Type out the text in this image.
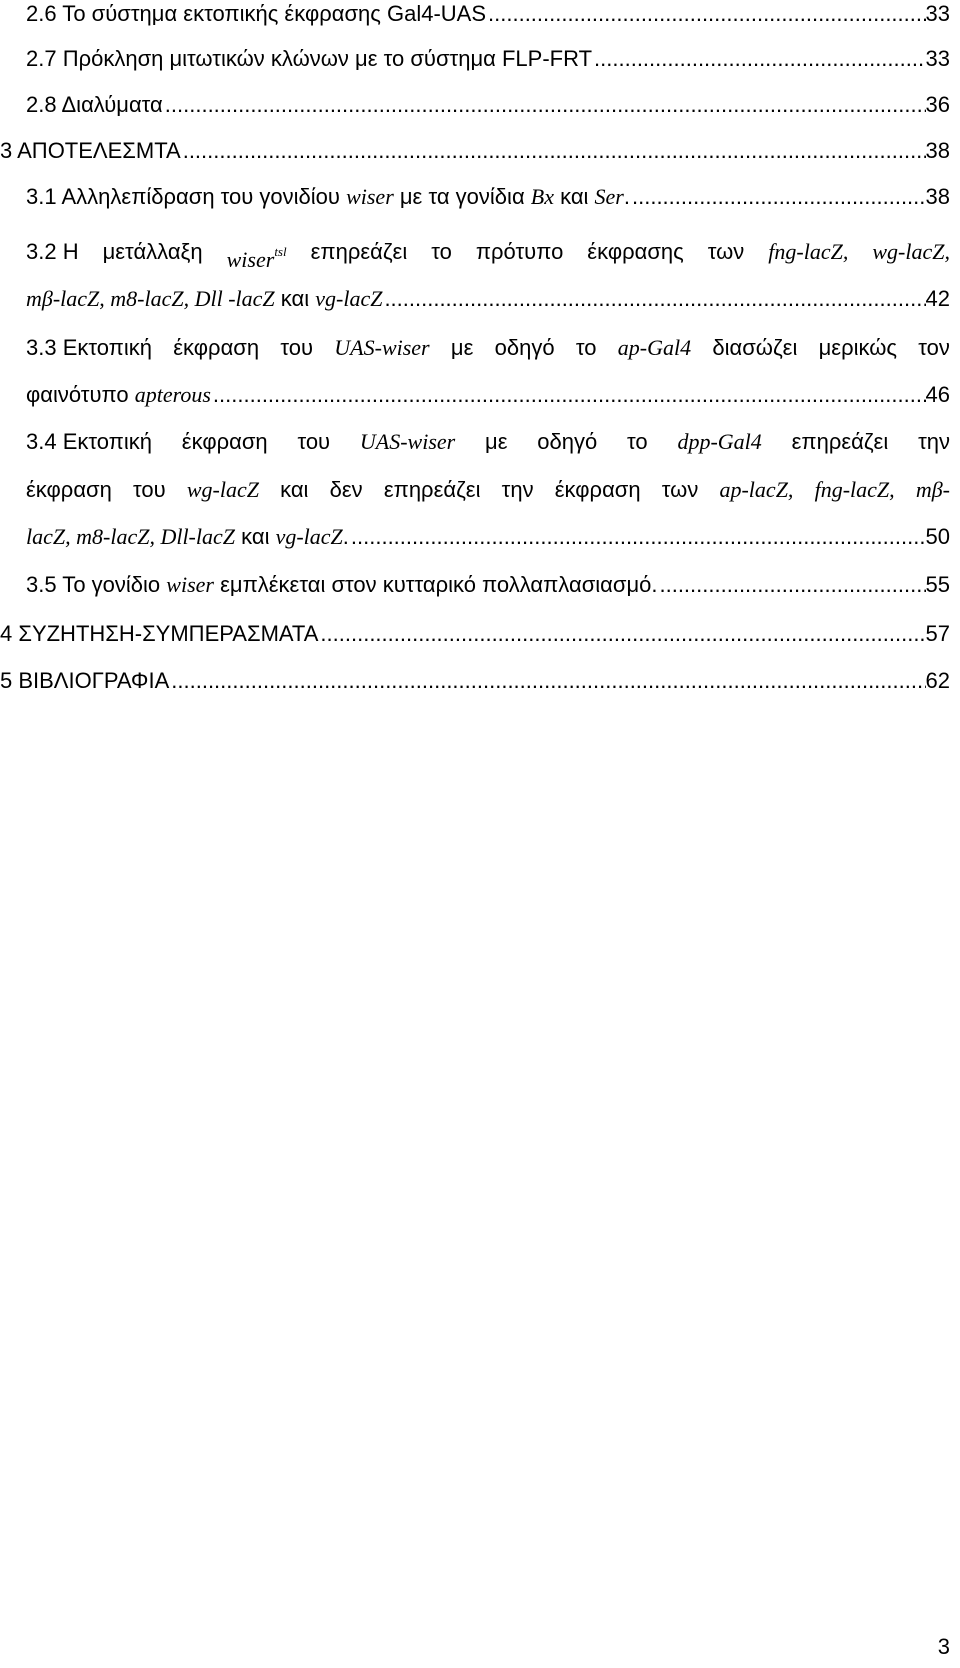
2.6 Το σύστημα εκτοπικής έκφρασης Gal4-UAS .....	33
2.7 Πρόκληση μιτωτικών κλώνων με το σύστημα FLP-FRT .....	33
2.8 Διαλύματα .....	36
3 ΑΠΟΤΕΛΕΣΜΤΑ .....	38
3.1 Αλληλεπίδραση του γονιδίου wiser με τα γονίδια Bx και Ser. .....	38
3.2 Η μετάλλαξη wiser$^{tsl}$ επηρεάζει το πρότυπο έκφρασης των fng-lacZ, wg-lacZ,
mβ-lacZ, m8-lacZ, Dll -lacZ και vg-lacZ .....	42
3.3 Εκτοπική έκφραση του UAS-wiser με οδηγό το ap-Gal4 διασώζει μερικώς τον
φαινότυπο apterous .....	46
3.4 Εκτοπική έκφραση του UAS-wiser με οδηγό το dpp-Gal4 επηρεάζει την
έκφραση του wg-lacZ και δεν επηρεάζει την έκφραση των ap-lacZ, fng-lacZ, mβ-
lacZ, m8-lacZ, Dll-lacZ και vg-lacZ. .....	50
3.5 Το γονίδιο wiser εμπλέκεται στον κυτταρικό πολλαπλασιασμό. .....	55
4 ΣΥΖΗΤΗΣΗ-ΣΥΜΠΕΡΑΣΜΑΤΑ .....	57
5 ΒΙΒΛΙΟΓΡΑΦΙΑ .....	62
3
